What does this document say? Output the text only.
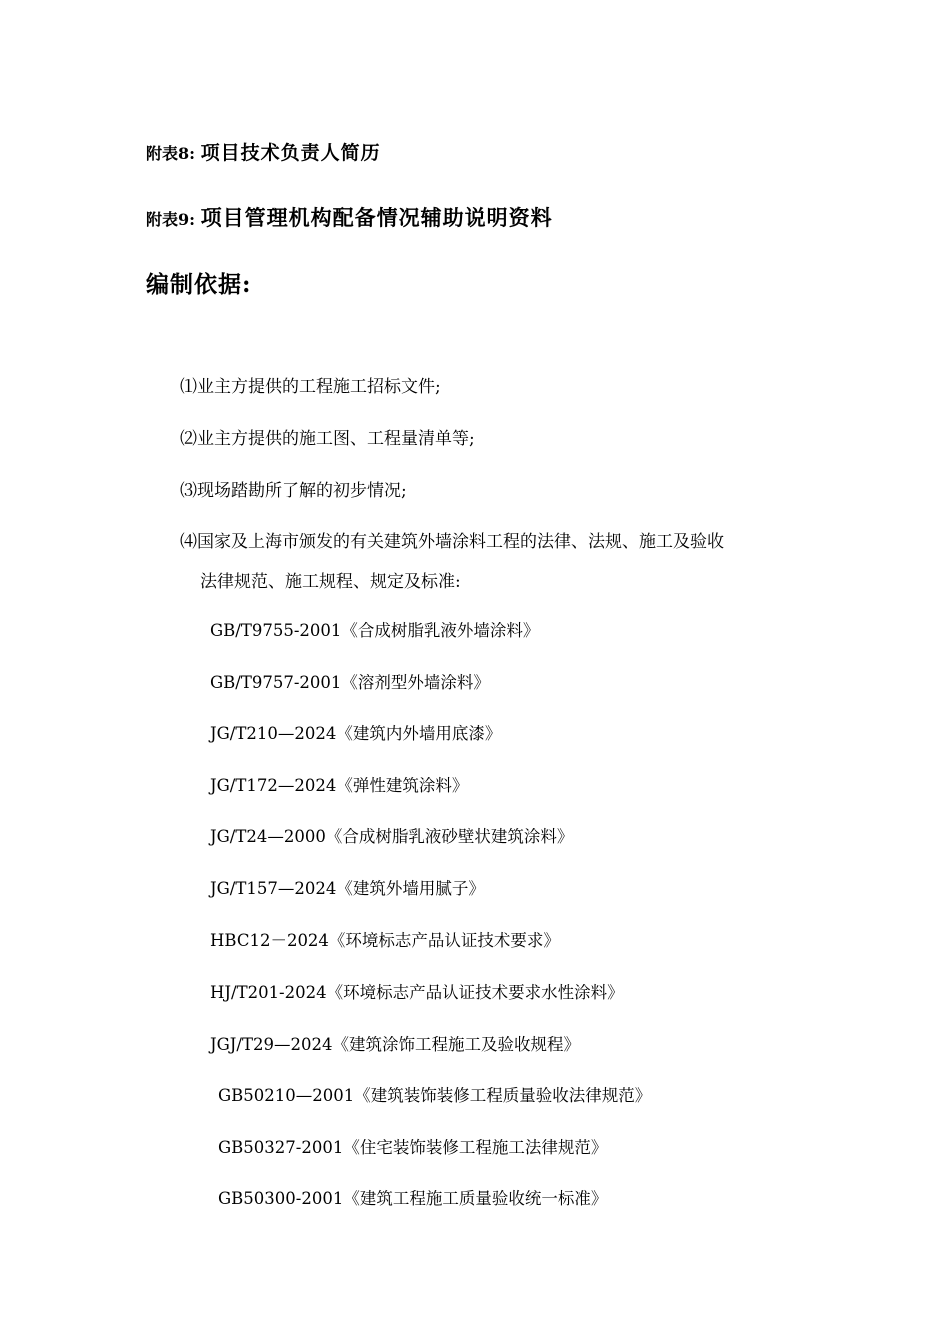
附表8: 项目技术负责人简历
附表9: 项目管理机构配备情况辅助说明资料
编制依据:
⑴业主方提供的工程施工招标文件;
⑵业主方提供的施工图、工程量清单等;
⑶现场踏勘所了解的初步情况;
⑷国家及上海市颁发的有关建筑外墙涂料工程的法律、法规、施工及验收
法律规范、施工规程、规定及标准:
GB/T9755-2001《合成树脂乳液外墙涂料》
GB/T9757-2001《溶剂型外墙涂料》
JG/T210—2024《建筑内外墙用底漆》
JG/T172—2024《弹性建筑涂料》
JG/T24—2000《合成树脂乳液砂壁状建筑涂料》
JG/T157—2024《建筑外墙用腻子》
HBC12－2024《环境标志产品认证技术要求》
HJ/T201-2024《环境标志产品认证技术要求水性涂料》
JGJ/T29—2024《建筑涂饰工程施工及验收规程》
GB50210—2001《建筑装饰装修工程质量验收法律规范》
GB50327-2001《住宅装饰装修工程施工法律规范》
GB50300-2001《建筑工程施工质量验收统一标准》
